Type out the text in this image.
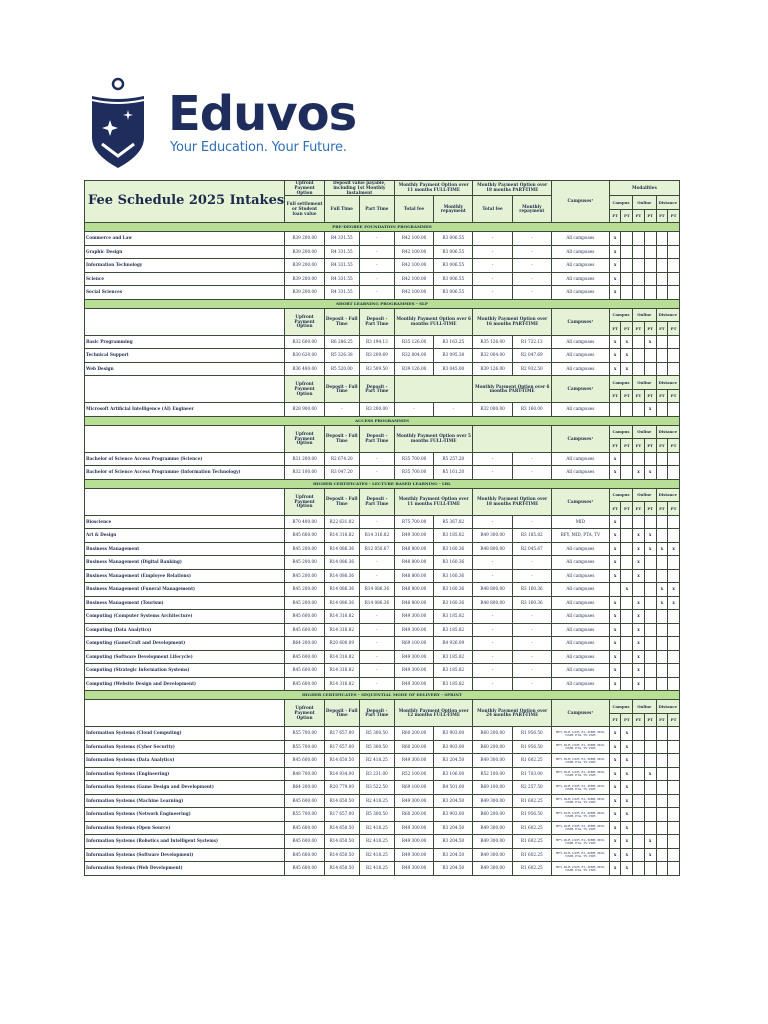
Eduvos
Your Education. Your Future.
Fee Schedule 2025 Intakes	Upfront Payment Option	Deposit value payable, including 1st Monthly Instalment		Monthly Payment Option over 11 months FULL-TIME		Monthly Payment Option over 18 months PART-TIME		Campuses¹	Modalities					
	Full settlement or Student loan value	Full Time	Part Time	Total fee	Monthly repayment	Total fee	Monthly repayment		Campus		Online		Distance	
									FT	PT	FT	PT	FT	PT
PRE-DEGREE FOUNDATION PROGRAMMES														
Commerce and Law	R39 200.00	R4 331.55	-	R42 100.00	R3 006.55	-	-	All campuses	x					
Graphic Design	R39 200.00	R4 331.55	-	R42 100.00	R3 006.55	-	-	All campuses	x					
Information Technology	R39 200.00	R4 331.55	-	R42 100.00	R3 006.55	-	-	All campuses	x					
Science	R39 200.00	R4 331.55	-	R42 100.00	R3 006.55	-	-	All campuses	x					
Social Sciences	R39 200.00	R4 331.55	-	R42 100.00	R3 006.55	-	-	All campuses	x					
SHORT LEARNING PROGRAMMES - SLP														
	Upfront Payment Option	Deposit - Full Time	Deposit - Part Time	Monthly Payment Option over 6 months FULL-TIME		Monthly Payment Option over 16 months PART-TIME		Campuses¹	Campus		Online		Distance	
									FT	PT	FT	PT	FT	PT
Basic Programming	R32 600.00	R6 286.25	R3 194.13	R35 126.00	R3 163.25	R35 126.00	R1 722.13	All campuses	x	x		x		
Technical Support	R30 620.00	R5 326.38	R3 209.69	R32 004.00	R3 095.38	R32 004.00	R2 047.69	All campuses	x	x				
Web Design	R36 480.00	R5 520.00	R3 509.50	R39 126.00	R3 045.00	R39 126.00	R2 932.50	All campuses	x	x				
	Upfront Payment Option	Deposit - Full Time	Deposit - Part Time			Monthly Payment Option over 6 months PART-TIME		Campuses¹	Campus		Online		Distance	
									FT	PT	FT	PT	FT	PT
Microsoft Artificial Intelligence (AI) Engineer	R28 900.00	-	R3 200.00	-	-	R32 000.00	R3 160.00	All campuses				x		
ACCESS PROGRAMMES														
	Upfront Payment Option	Deposit - Full Time	Deposit - Part Time	Monthly Payment Option over 5 months FULL-TIME				Campuses¹	Campus		Online		Distance	
									FT	PT	FT	PT	FT	PT
Bachelor of Science Access Programme (Science)	R31 200.00	R2 674.20	-	R35 700.00	R5 257.20	-	-	All campuses	x					
Bachelor of Science Access Programme (Information Technology)	R32 100.00	R3 047.20	-	R35 700.00	R5 161.20	-	-	All campuses	x		x	x		
HIGHER CERTIFICATES - LECTURE BASED LEARNING - LBL														
	Upfront Payment Option	Deposit - Full Time	Deposit - Part Time	Monthly Payment Option over 11 months FULL-TIME		Monthly Payment Option over 18 months PART-TIME		Campuses¹	Campus		Online		Distance	
									FT	PT	FT	PT	FT	PT
Bioscience	R70 400.00	R22 631.82	-	R75 700.00	R5 367.82	-	-	MID	x					
Art & Design	R45 600.00	R14 316.82	R14 316.82	R49 300.00	R3 185.82	R49 300.00	R3 185.82	BFY, MID, PTA, TV	x		x	x		
Business Management	R45 200.00	R14 086.36	R12 050.67	R48 800.00	R3 160.36	R48 800.00	R2 045.67	All campuses	x		x	x	x	x
Business Management (Digital Banking)	R45 200.00	R14 086.36	-	R48 800.00	R3 160.36	-	-	All campuses	x		x			
Business Management (Employee Relations)	R45 200.00	R14 086.36	-	R48 800.00	R3 160.36	-	-	All campuses	x		x			
Business Management (Funeral Management)	R45 200.00	R14 086.36	R14 086.36	R48 800.00	R3 160.36	R48 800.00	R3 160.36	All campuses		x			x	x
Business Management (Tourism)	R45 200.00	R14 086.36	R14 086.36	R48 800.00	R3 160.36	R48 800.00	R3 160.36	All campuses	x		x		x	x
Computing (Computer Systems Architecture)	R45 600.00	R14 316.82	-	R49 300.00	R3 185.82	-	-	All campuses	x		x			
Computing (Data Analytics)	R45 600.00	R14 316.82	-	R49 300.00	R3 185.82	-	-	All campuses	x		x			
Computing (GameCraft and Development)	R64 200.00	R20 600.09	-	R69 100.00	R4 926.09	-	-	All campuses	x		x			
Computing (Software Development Lifecycle)	R45 600.00	R14 316.82	-	R49 300.00	R3 185.82	-	-	All campuses	x		x			
Computing (Strategic Information Systems)	R45 600.00	R14 316.82	-	R49 300.00	R3 185.82	-	-	All campuses	x		x			
Computing (Website Design and Development)	R45 600.00	R14 316.82	-	R49 300.00	R3 185.82	-	-	All campuses	x		x			
HIGHER CERTIFICATES - SEQUENTIAL MODE OF DELIVERY - SPRINT														
	Upfront Payment Option	Deposit - Full Time	Deposit - Part Time	Monthly Payment Option over 12 months FULL-TIME		Monthly Payment Option over 24 months PART-TIME		Campuses¹	Campus		Online		Distance	
									FT	PT	FT	PT	FT	PT
Information Systems (Cloud Computing)	R55 700.00	R17 657.00	R5 300.50	R60 200.00	R3 903.00	R60 200.00	R1 956.50	BFY, DLR, DUR, EL, MBH, MID, NMB, PTA, TV, VDB	x	x				
Information Systems (Cyber Security)	R55 700.00	R17 657.00	R5 300.50	R60 200.00	R3 903.00	R60 200.00	R1 956.50	BFY, DLR, DUR, EL, MBH, MID, NMB, PTA, TV, VDB	x	x				
Information Systems (Data Analytics)	R45 600.00	R14 650.50	R2 418.25	R49 300.00	R3 204.50	R49 300.00	R1 602.25	BFY, DLR, DUR, EL, MBH, MID, NMB, PTA, TV, VDB	x	x				
Information Systems (Engineering)	R48 700.00	R14 934.00	R3 231.00	R52 100.00	R3 106.00	R52 100.00	R1 703.00	BFY, DLR, DUR, EL, MBH, MID, NMB, PTA, TV, VDB	x	x		x		
Information Systems (Game Design and Development)	R64 200.00	R20 779.00	R3 522.50	R69 100.00	R4 501.00	R69 100.00	R2 257.50	BFY, DLR, DUR, EL, MBH, MID, NMB, PTA, TV, VDB	x	x				
Information Systems (Machine Learning)	R45 600.00	R14 650.50	R2 418.25	R49 300.00	R3 204.50	R49 300.00	R1 602.25	BFY, DLR, DUR, EL, MBH, MID, NMB, PTA, TV, VDB	x	x				
Information Systems (Network Engineering)	R55 700.00	R17 657.00	R5 300.50	R60 200.00	R3 903.00	R60 200.00	R1 956.50	BFY, DLR, DUR, EL, MBH, MID, NMB, PTA, TV, VDB	x	x				
Information Systems (Open Source)	R45 600.00	R14 650.50	R2 418.25	R49 300.00	R3 204.50	R49 300.00	R1 602.25	BFY, DLR, DUR, EL, MBH, MID, NMB, PTA, TV, VDB	x	x				
Information Systems (Robotics and Intelligent Systems)	R45 600.00	R14 650.50	R2 418.25	R49 300.00	R3 204.50	R49 300.00	R1 602.25	BFY, DLR, DUR, EL, MBH, MID, NMB, PTA, TV, VDB	x	x		x		
Information Systems (Software Development)	R45 600.00	R14 650.50	R2 418.25	R49 300.00	R3 204.50	R49 300.00	R1 602.25	BFY, DLR, DUR, EL, MBH, MID, NMB, PTA, TV, VDB	x	x		x		
Information Systems (Web Development)	R45 600.00	R14 650.50	R2 418.25	R49 300.00	R3 204.50	R49 300.00	R1 602.25	BFY, DLR, DUR, EL, MBH, MID, NMB, PTA, TV, VDB	x	x				
